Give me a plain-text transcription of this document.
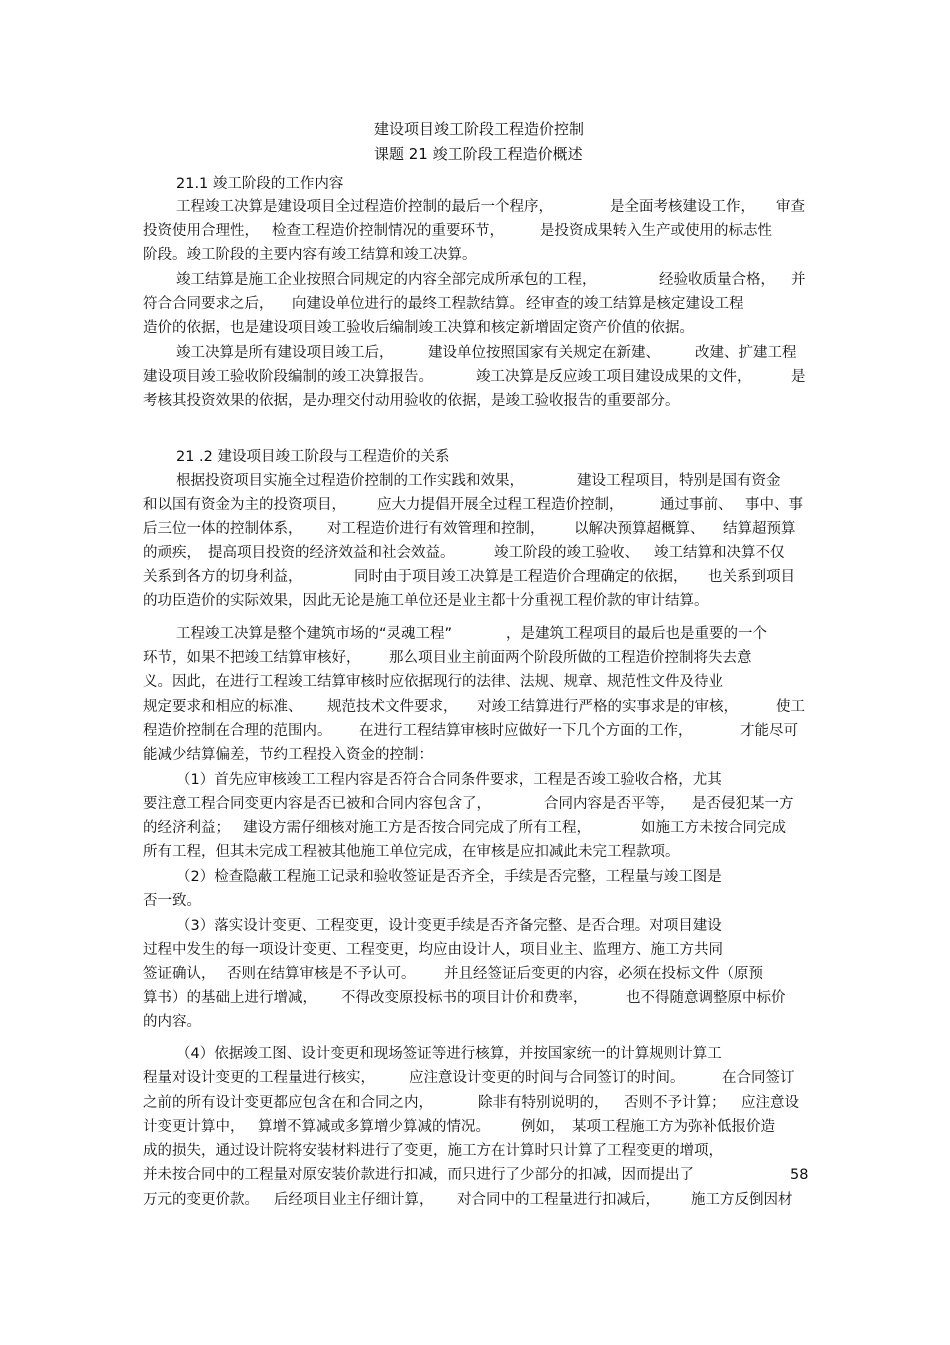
建设项目竣工阶段工程造价控制
课题 21 竣工阶段工程造价概述
21.1 竣工阶段的工作内容
工程竣工决算是建设项目全过程造价控制的最后一个程序，	是全面考核建设工作， 审查
投资使用合理性， 检查工程造价控制情况的重要环节， 是投资成果转入生产或使用的标志性
阶段。竣工阶段的主要内容有竣工结算和竣工决算。
竣工结算是施工企业按照合同规定的内容全部完成所承包的工程，	经验收质量合格， 并
符合合同要求之后， 向建设单位进行的最终工程款结算。 经审查的竣工结算是核定建设工程
造价的依据，也是建设项目竣工验收后编制竣工决算和核定新增固定资产价值的依据。
竣工决算是所有建设项目竣工后， 建设单位按照国家有关规定在新建、 改建、扩建工程
建设项目竣工验收阶段编制的竣工决算报告。	竣工决算是反应竣工项目建设成果的文件，	是
考核其投资效果的依据，是办理交付动用验收的依据，是竣工验收报告的重要部分。
21 .2 建设项目竣工阶段与工程造价的关系
根据投资项目实施全过程造价控制的工作实践和效果，	建设工程项目， 特别是国有资金
和以国有资金为主的投资项目， 应大力提倡开展全过程工程造价控制，	通过事前、 事中、事
后三位一体的控制体系， 对工程造价进行有效管理和控制， 以解决预算超概算、 结算超预算
的顽疾， 提高项目投资的经济效益和社会效益。	竣工阶段的竣工验收、 竣工结算和决算不仅
关系到各方的切身利益，	同时由于项目竣工决算是工程造价合理确定的依据， 也关系到项目
的功臣造价的实际效果，因此无论是施工单位还是业主都十分重视工程价款的审计结算。
工程竣工决算是整个建筑市场的“灵魂工程”	，是建筑工程项目的最后也是重要的一个
环节，如果不把竣工结算审核好， 那么项目业主前面两个阶段所做的工程造价控制将失去意
义。因此，在进行工程竣工结算审核时应依据现行的法律、法规、规章、规范性文件及待业
规定要求和相应的标准、 规范技术文件要求， 对竣工结算进行严格的实事求是的审核，	使工
程造价控制在合理的范围内。 在进行工程结算审核时应做好一下几个方面的工作，	才能尽可
能减少结算偏差，节约工程投入资金的控制：
（1）首先应审核竣工工程内容是否符合合同条件要求，工程是否竣工验收合格，尤其
要注意工程合同变更内容是否已被和合同内容包含了，	合同内容是否平等， 是否侵犯某一方
的经济利益； 建设方需仔细核对施工方是否按合同完成了所有工程，	如施工方未按合同完成
所有工程，但其未完成工程被其他施工单位完成，在审核是应扣减此未完工程款项。
（2）检查隐蔽工程施工记录和验收签证是否齐全，手续是否完整，工程量与竣工图是
否一致。
（3）落实设计变更、工程变更，设计变更手续是否齐备完整、是否合理。对项目建设
过程中发生的每一项设计变更、工程变更，均应由设计人，项目业主、监理方、施工方共同
签证确认， 否则在结算审核是不予认可。 并且经签证后变更的内容，必须在投标文件（原预
算书）的基础上进行增减， 不得改变原投标书的项目计价和费率，	也不得随意调整原中标价
的内容。
（4）依据竣工图、设计变更和现场签证等进行核算，并按国家统一的计算规则计算工
程量对设计变更的工程量进行核实， 应注意设计变更的时间与合同签订的时间。	在合同签订
之前的所有设计变更都应包含在和合同之内，	除非有特别说明的， 否则不予计算； 应注意设
计变更计算中， 算增不算减或多算增少算减的情况。 例如， 某项工程施工方为弥补低报价造
成的损失，通过设计院将安装材料进行了变更，施工方在计算时只计算了工程变更的增项，
并未按合同中的工程量对原安装价款进行扣减，而只进行了少部分的扣减，因而提出了	58
万元的变更价款。 后经项目业主仔细计算， 对合同中的工程量进行扣减后， 施工方反倒因材
